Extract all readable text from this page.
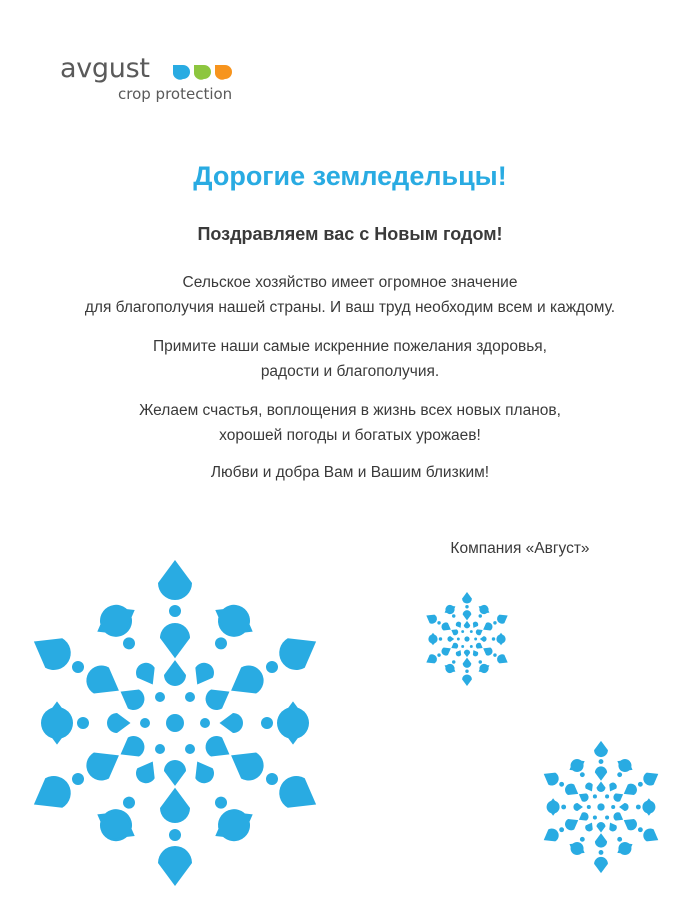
avgust
crop protection
Дорогие земледельцы!
Поздравляем вас с Новым годом!
Сельское хозяйство имеет огромное значение
для благополучия нашей страны. И ваш труд необходим всем и каждому.
Примите наши самые искренние пожелания здоровья,
радости и благополучия.
Желаем счастья, воплощения в жизнь всех новых планов,
хорошей погоды и богатых урожаев!
Любви и добра Вам и Вашим близким!
Компания «Август»
